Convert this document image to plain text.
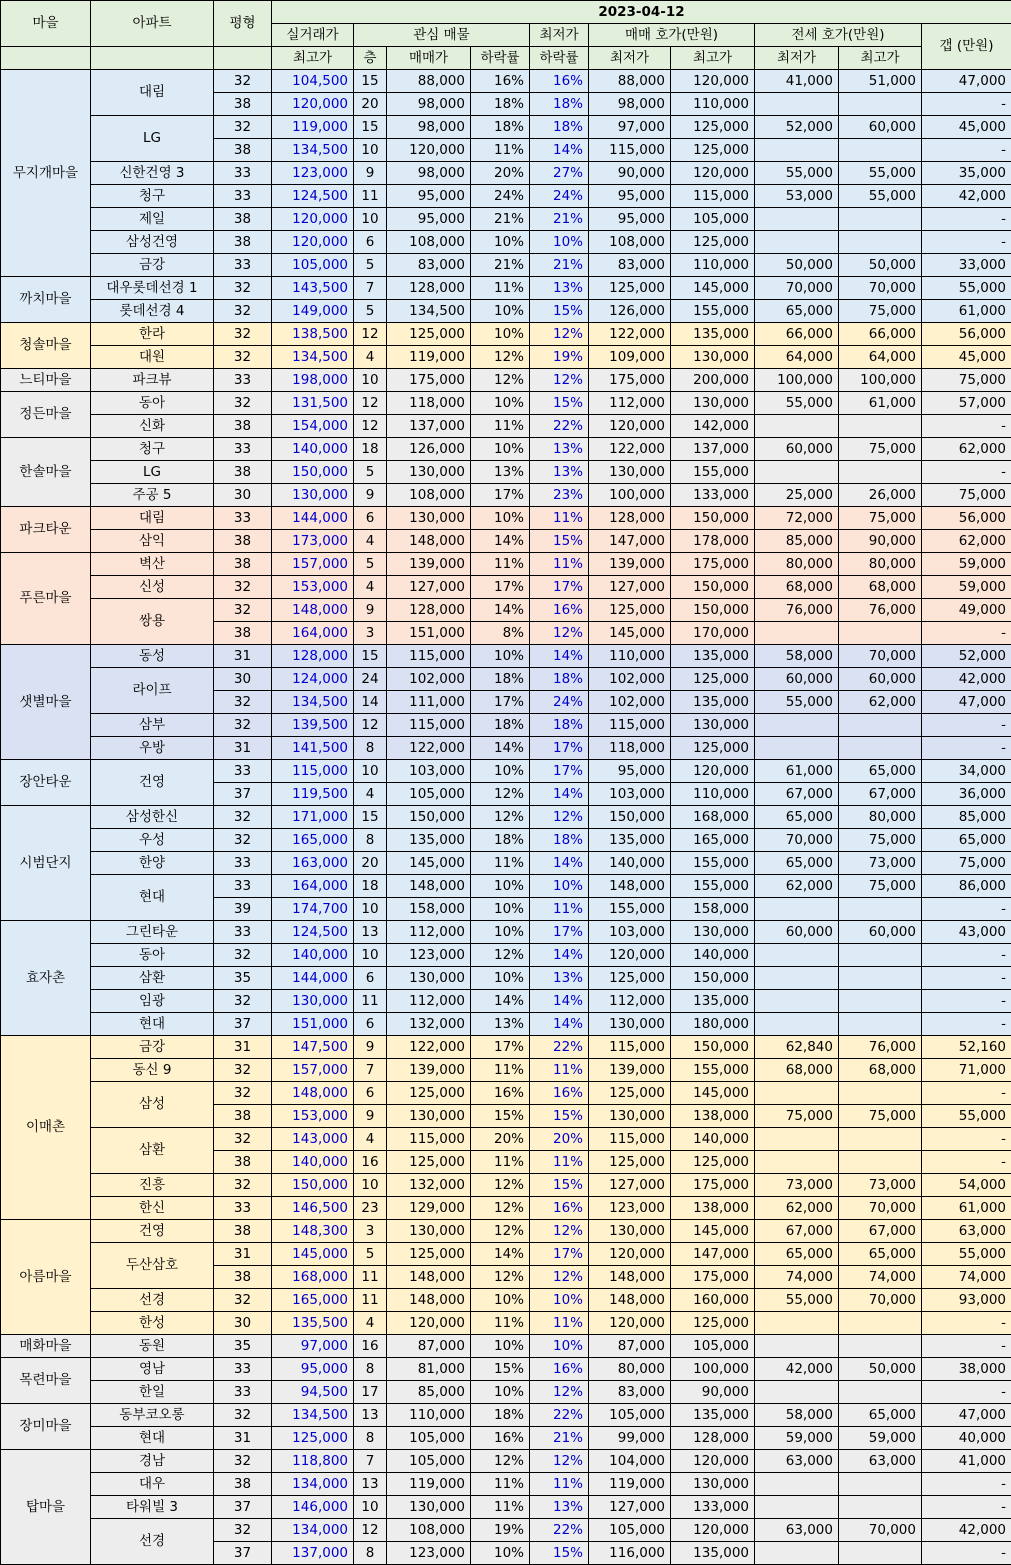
마을	아파트	평형	2023-04-12									
			실거래가	관심 매물			최저가	매매 호가(만원)		전세 호가(만원)		갭 (만원)
			최고가	층	매매가	하락률	하락률	최저가	최고가	최저가	최고가	
무지개마을	대림	32	104,500	15	88,000	16%	16%	88,000	120,000	41,000	51,000	47,000
		38	120,000	20	98,000	18%	18%	98,000	110,000			-
	LG	32	119,000	15	98,000	18%	18%	97,000	125,000	52,000	60,000	45,000
		38	134,500	10	120,000	11%	14%	115,000	125,000			-
	신한건영 3	33	123,000	9	98,000	20%	27%	90,000	120,000	55,000	55,000	35,000
	청구	33	124,500	11	95,000	24%	24%	95,000	115,000	53,000	55,000	42,000
	제일	38	120,000	10	95,000	21%	21%	95,000	105,000			-
	삼성건영	38	120,000	6	108,000	10%	10%	108,000	125,000			-
	금강	33	105,000	5	83,000	21%	21%	83,000	110,000	50,000	50,000	33,000
까치마을	대우롯데선경 1	32	143,500	7	128,000	11%	13%	125,000	145,000	70,000	70,000	55,000
	롯데선경 4	32	149,000	5	134,500	10%	15%	126,000	155,000	65,000	75,000	61,000
청솔마을	한라	32	138,500	12	125,000	10%	12%	122,000	135,000	66,000	66,000	56,000
	대원	32	134,500	4	119,000	12%	19%	109,000	130,000	64,000	64,000	45,000
느티마을	파크뷰	33	198,000	10	175,000	12%	12%	175,000	200,000	100,000	100,000	75,000
정든마을	동아	32	131,500	12	118,000	10%	15%	112,000	130,000	55,000	61,000	57,000
	신화	38	154,000	12	137,000	11%	22%	120,000	142,000			-
한솔마을	청구	33	140,000	18	126,000	10%	13%	122,000	137,000	60,000	75,000	62,000
	LG	38	150,000	5	130,000	13%	13%	130,000	155,000			-
	주공 5	30	130,000	9	108,000	17%	23%	100,000	133,000	25,000	26,000	75,000
파크타운	대림	33	144,000	6	130,000	10%	11%	128,000	150,000	72,000	75,000	56,000
	삼익	38	173,000	4	148,000	14%	15%	147,000	178,000	85,000	90,000	62,000
푸른마을	벽산	38	157,000	5	139,000	11%	11%	139,000	175,000	80,000	80,000	59,000
	신성	32	153,000	4	127,000	17%	17%	127,000	150,000	68,000	68,000	59,000
	쌍용	32	148,000	9	128,000	14%	16%	125,000	150,000	76,000	76,000	49,000
		38	164,000	3	151,000	8%	12%	145,000	170,000			-
샛별마을	동성	31	128,000	15	115,000	10%	14%	110,000	135,000	58,000	70,000	52,000
	라이프	30	124,000	24	102,000	18%	18%	102,000	125,000	60,000	60,000	42,000
		32	134,500	14	111,000	17%	24%	102,000	135,000	55,000	62,000	47,000
	삼부	32	139,500	12	115,000	18%	18%	115,000	130,000			-
	우방	31	141,500	8	122,000	14%	17%	118,000	125,000			-
장안타운	건영	33	115,000	10	103,000	10%	17%	95,000	120,000	61,000	65,000	34,000
		37	119,500	4	105,000	12%	14%	103,000	110,000	67,000	67,000	36,000
시범단지	삼성한신	32	171,000	15	150,000	12%	12%	150,000	168,000	65,000	80,000	85,000
	우성	32	165,000	8	135,000	18%	18%	135,000	165,000	70,000	75,000	65,000
	한양	33	163,000	20	145,000	11%	14%	140,000	155,000	65,000	73,000	75,000
	현대	33	164,000	18	148,000	10%	10%	148,000	155,000	62,000	75,000	86,000
		39	174,700	10	158,000	10%	11%	155,000	158,000			-
효자촌	그린타운	33	124,500	13	112,000	10%	17%	103,000	130,000	60,000	60,000	43,000
	동아	32	140,000	10	123,000	12%	14%	120,000	140,000			-
	삼환	35	144,000	6	130,000	10%	13%	125,000	150,000			-
	임광	32	130,000	11	112,000	14%	14%	112,000	135,000			-
	현대	37	151,000	6	132,000	13%	14%	130,000	180,000			-
이매촌	금강	31	147,500	9	122,000	17%	22%	115,000	150,000	62,840	76,000	52,160
	동신 9	32	157,000	7	139,000	11%	11%	139,000	155,000	68,000	68,000	71,000
	삼성	32	148,000	6	125,000	16%	16%	125,000	145,000			-
		38	153,000	9	130,000	15%	15%	130,000	138,000	75,000	75,000	55,000
	삼환	32	143,000	4	115,000	20%	20%	115,000	140,000			-
		38	140,000	16	125,000	11%	11%	125,000	125,000			-
	진흥	32	150,000	10	132,000	12%	15%	127,000	175,000	73,000	73,000	54,000
	한신	33	146,500	23	129,000	12%	16%	123,000	138,000	62,000	70,000	61,000
아름마을	건영	38	148,300	3	130,000	12%	12%	130,000	145,000	67,000	67,000	63,000
	두산삼호	31	145,000	5	125,000	14%	17%	120,000	147,000	65,000	65,000	55,000
		38	168,000	11	148,000	12%	12%	148,000	175,000	74,000	74,000	74,000
	선경	32	165,000	11	148,000	10%	10%	148,000	160,000	55,000	70,000	93,000
	한성	30	135,500	4	120,000	11%	11%	120,000	125,000			-
매화마을	동원	35	97,000	16	87,000	10%	10%	87,000	105,000			-
목련마을	영남	33	95,000	8	81,000	15%	16%	80,000	100,000	42,000	50,000	38,000
	한일	33	94,500	17	85,000	10%	12%	83,000	90,000			-
장미마을	동부코오롱	32	134,500	13	110,000	18%	22%	105,000	135,000	58,000	65,000	47,000
	현대	31	125,000	8	105,000	16%	21%	99,000	128,000	59,000	59,000	40,000
탑마을	경남	32	118,800	7	105,000	12%	12%	104,000	120,000	63,000	63,000	41,000
	대우	38	134,000	13	119,000	11%	11%	119,000	130,000			-
	타워빌 3	37	146,000	10	130,000	11%	13%	127,000	133,000			-
	선경	32	134,000	12	108,000	19%	22%	105,000	120,000	63,000	70,000	42,000
		37	137,000	8	123,000	10%	15%	116,000	135,000			-
